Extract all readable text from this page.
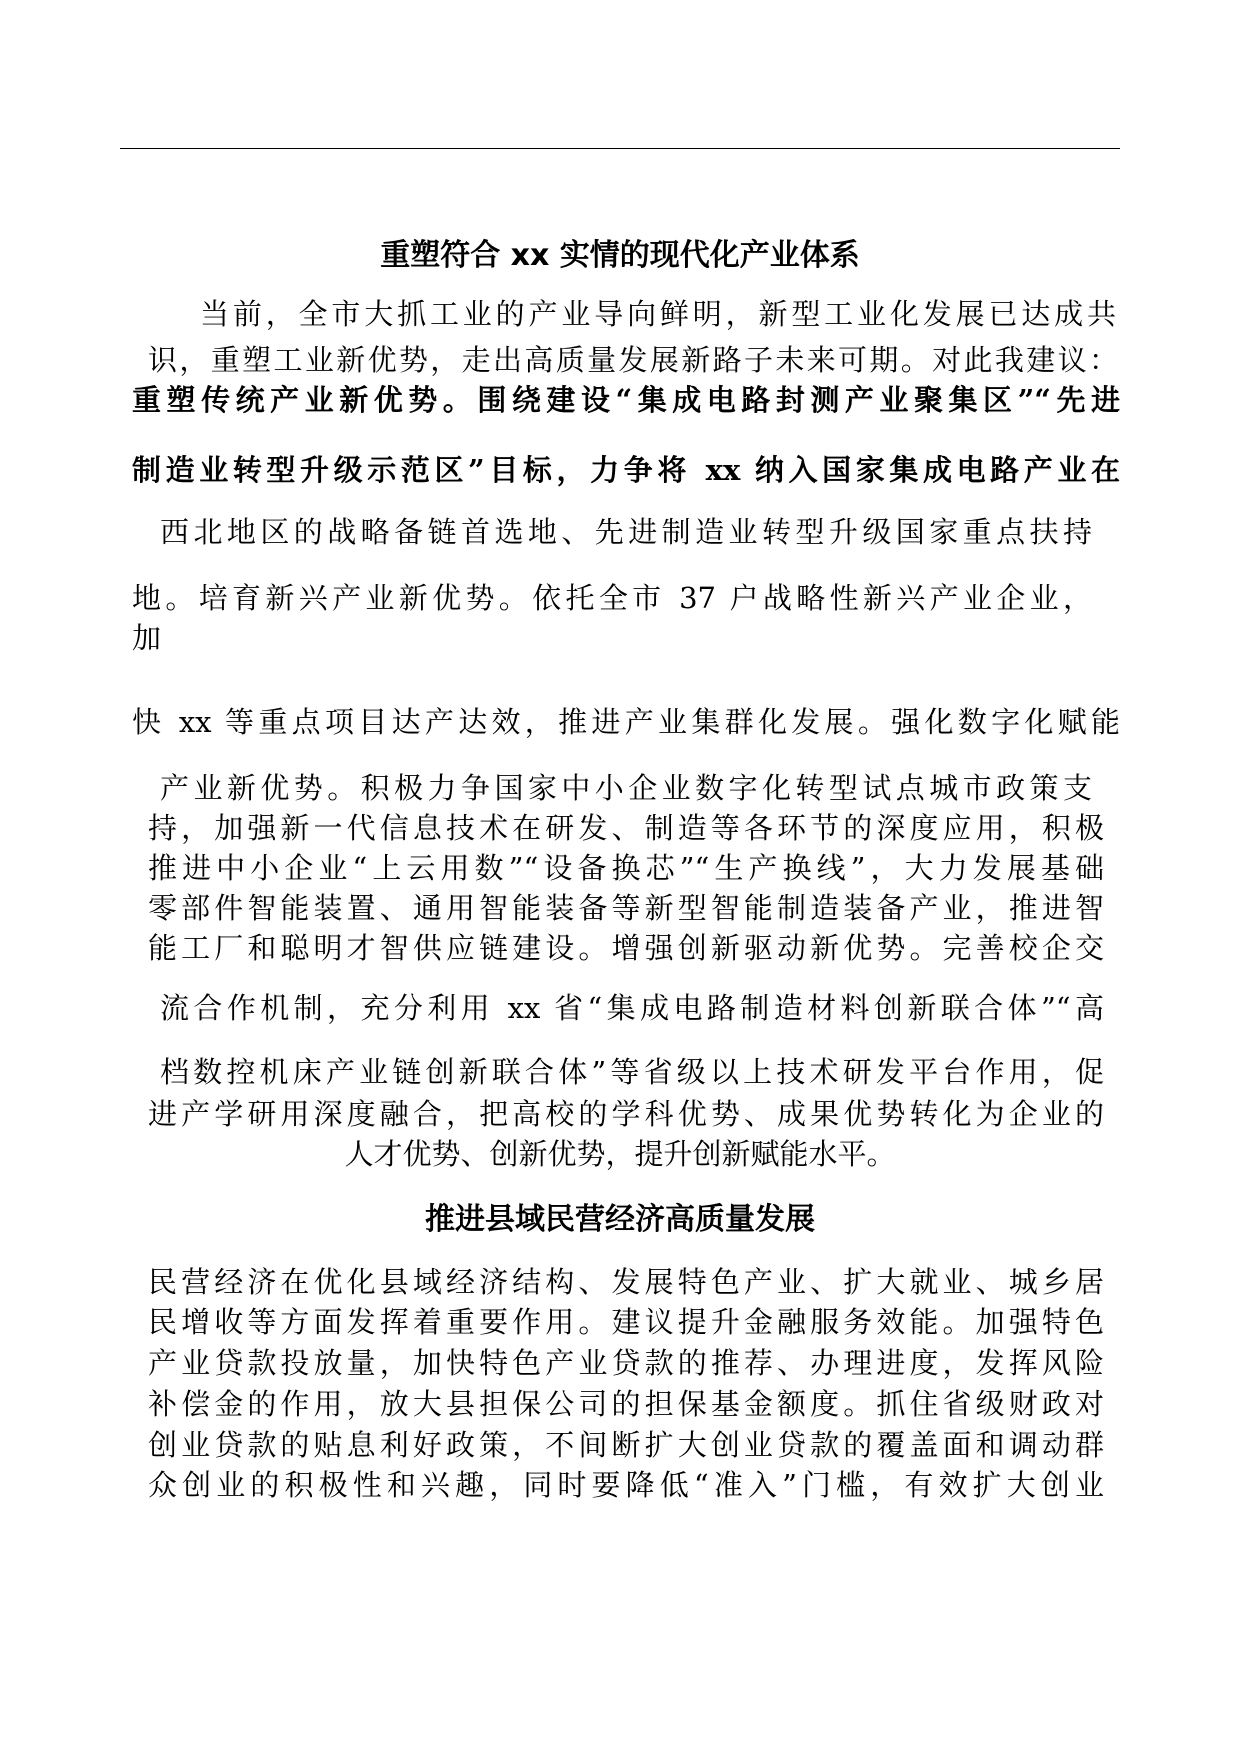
重塑符合 xx 实情的现代化产业体系
当前，全市大抓工业的产业导向鲜明，新型工业化发展已达成共
识，重塑工业新优势，走出高质量发展新路子未来可期。对此我建议：
重塑传统产业新优势。围绕建设“集成电路封测产业聚集区”“先进
制造业转型升级示范区”目标，力争将 xx 纳入国家集成电路产业在
西北地区的战略备链首选地、先进制造业转型升级国家重点扶持
地。培育新兴产业新优势。依托全市 37 户战略性新兴产业企业，
加
快 xx 等重点项目达产达效，推进产业集群化发展。强化数字化赋能
产业新优势。积极力争国家中小企业数字化转型试点城市政策支
持，加强新一代信息技术在研发、制造等各环节的深度应用，积极
推进中小企业“上云用数”“设备换芯”“生产换线”，大力发展基础
零部件智能装置、通用智能装备等新型智能制造装备产业，推进智
能工厂和聪明才智供应链建设。增强创新驱动新优势。完善校企交
流合作机制，充分利用 xx 省“集成电路制造材料创新联合体”“高
档数控机床产业链创新联合体”等省级以上技术研发平台作用，促
进产学研用深度融合，把高校的学科优势、成果优势转化为企业的
人才优势、创新优势，提升创新赋能水平。
推进县域民营经济高质量发展
民营经济在优化县域经济结构、发展特色产业、扩大就业、城乡居
民增收等方面发挥着重要作用。建议提升金融服务效能。加强特色
产业贷款投放量，加快特色产业贷款的推荐、办理进度，发挥风险
补偿金的作用，放大县担保公司的担保基金额度。抓住省级财政对
创业贷款的贴息利好政策，不间断扩大创业贷款的覆盖面和调动群
众创业的积极性和兴趣，同时要降低“准入”门槛，有效扩大创业
